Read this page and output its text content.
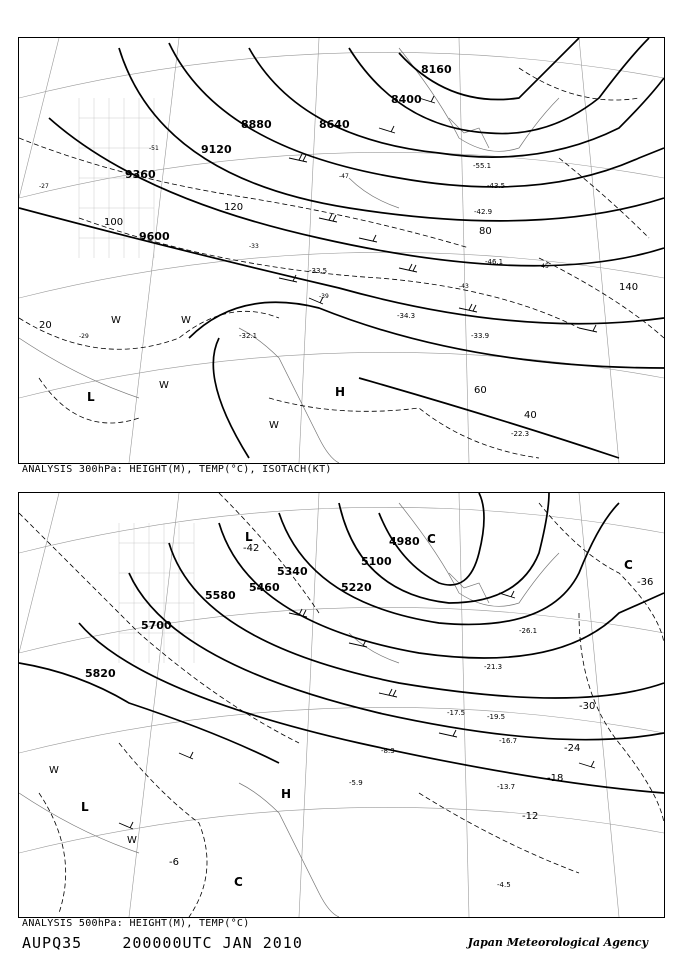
8160
8400
8640
8880
9120
9360
9600
20
40
60
80
100
120
140
-51
-47
-45
-43
-39
-33
-29
-27
-42.9
-46.1
-34.3
-33.9
-22.3
-43.5
-55.1
-32.1
-33.5
H
L
W	W
W
W
ANALYSIS 300hPa: HEIGHT(M), TEMP(°C), ISOTACH(KT)
4980
5100
5220
5340
5460
5580
5700
5820
-42
-36
-30
-24
-18
-12
-6
-21.3
-19.5
-16.7
-13.7
-8.3
-4.5
-5.9
-26.1
-17.5
H
L
L	C
C
C
W
W
ANALYSIS 500hPa: HEIGHT(M), TEMP(°C)
AUPQ35	200000UTC JAN 2010	Japan Meteorological Agency
